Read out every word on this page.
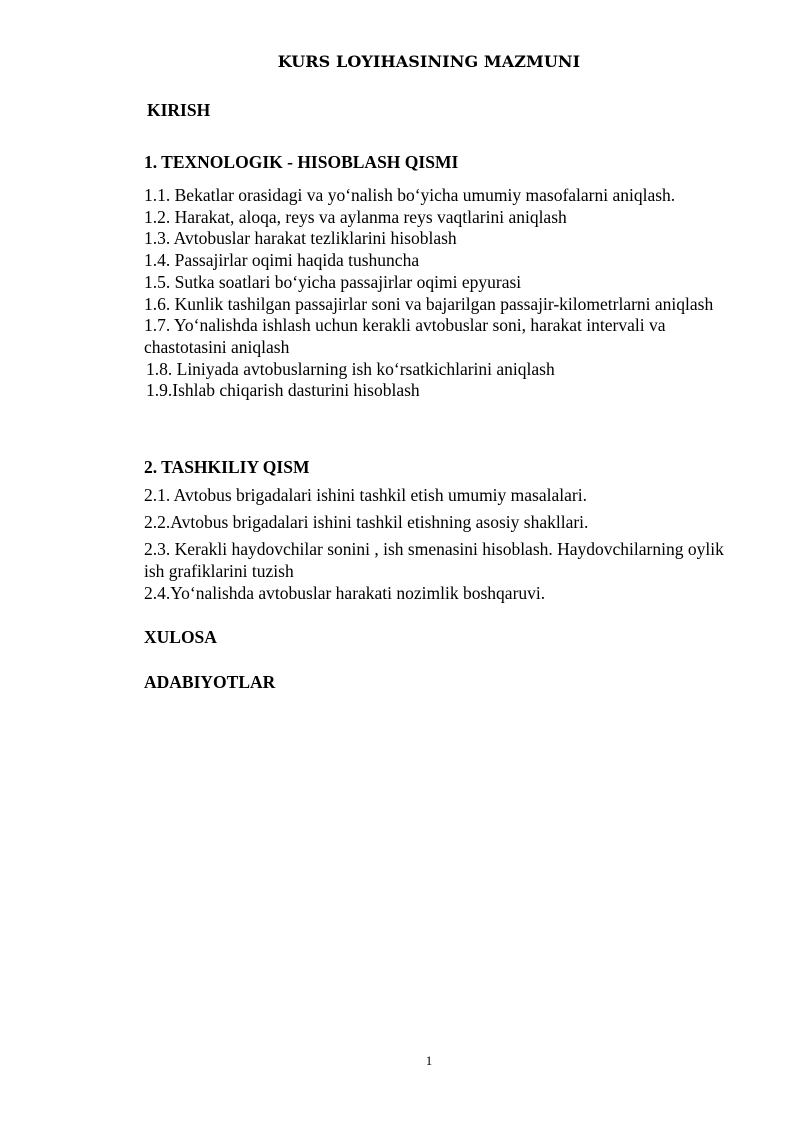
KURS LOYIHASINING MAZMUNI
KIRISH
1. TEXNOLOGIK - HISOBLASH QISMI

1.1. Bekatlar orasidagi va yo‘nalish bo‘yicha umumiy masofalarni aniqlash.

1.2. Harakat, aloqa, reys va aylanma reys vaqtlarini aniqlash

1.3. Avtobuslar harakat tezliklarini hisoblash

1.4. Passajirlar oqimi haqida tushuncha

1.5. Sutka soatlari bo‘yicha passajirlar oqimi epyurasi

1.6. Kunlik tashilgan passajirlar soni va bajarilgan passajir-kilometrlarni aniqlash

1.7. Yo‘nalishda ishlash uchun kerakli avtobuslar soni, harakat intervali va chastotasini aniqlash

1.8. Liniyada avtobuslarning ish ko‘rsatkichlarini aniqlash

1.9.Ishlab chiqarish dasturini hisoblash

2. TASHKILIY QISM

2.1. Avtobus brigadalari ishini tashkil etish umumiy masalalari.

2.2.Avtobus brigadalari ishini tashkil etishning asosiy shakllari.

2.3. Kerakli haydovchilar sonini , ish smenasini hisoblash. Haydovchilarning oylik ish grafiklarini tuzish

2.4.Yo‘nalishda avtobuslar harakati nozimlik boshqaruvi.

XULOSA
ADABIYOTLAR
1
